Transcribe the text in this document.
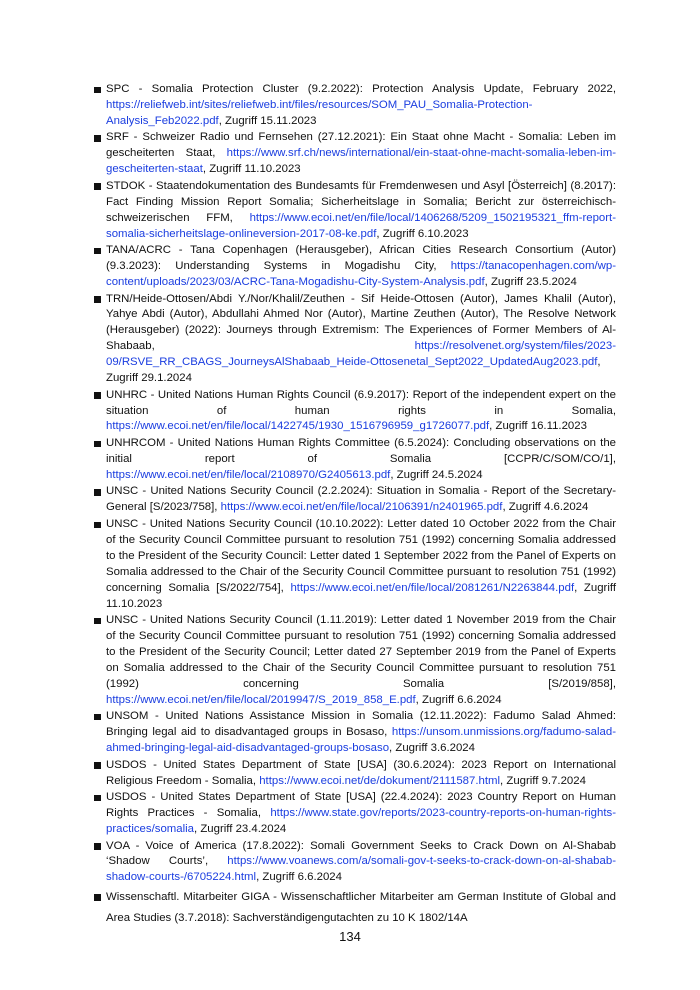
SPC - Somalia Protection Cluster (9.2.2022): Protection Analysis Update, February 2022, https://reliefweb.int/sites/reliefweb.int/files/resources/SOM_PAU_Somalia-Protection-Analysis_Feb2022.pdf, Zugriff 15.11.2023
SRF - Schweizer Radio und Fernsehen (27.12.2021): Ein Staat ohne Macht - Somalia: Leben im gescheiterten Staat, https://www.srf.ch/news/international/ein-staat-ohne-macht-somalia-leben-im-gescheiterten-staat, Zugriff 11.10.2023
STDOK - Staatendokumentation des Bundesamts für Fremdenwesen und Asyl [Österreich] (8.2017): Fact Finding Mission Report Somalia; Sicherheitslage in Somalia; Bericht zur österreichisch-schweizerischen FFM, https://www.ecoi.net/en/file/local/1406268/5209_1502195321_ffm-report-somalia-sicherheitslage-onlineversion-2017-08-ke.pdf, Zugriff 6.10.2023
TANA/ACRC - Tana Copenhagen (Herausgeber), African Cities Research Consortium (Autor) (9.3.2023): Understanding Systems in Mogadishu City, https://tanacopenhagen.com/wp-content/uploads/2023/03/ACRC-Tana-Mogadishu-City-System-Analysis.pdf, Zugriff 23.5.2024
TRN/Heide-Ottosen/Abdi Y./Nor/Khalil/Zeuthen - Sif Heide-Ottosen (Autor), James Khalil (Autor), Yahye Abdi (Autor), Abdullahi Ahmed Nor (Autor), Martine Zeuthen (Autor), The Resolve Network (Herausgeber) (2022): Journeys through Extremism: The Experiences of Former Members of Al-Shabaab, https://resolvenet.org/system/files/2023-09/RSVE_RR_CBAGS_JourneysAlShabaab_Heide-Ottosenetal_Sept2022_UpdatedAug2023.pdf, Zugriff 29.1.2024
UNHRC - United Nations Human Rights Council (6.9.2017): Report of the independent expert on the situation of human rights in Somalia, https://www.ecoi.net/en/file/local/1422745/1930_1516796959_g1726077.pdf, Zugriff 16.11.2023
UNHRCOM - United Nations Human Rights Committee (6.5.2024): Concluding observations on the initial report of Somalia [CCPR/C/SOM/CO/1], https://www.ecoi.net/en/file/local/2108970/G2405613.pdf, Zugriff 24.5.2024
UNSC - United Nations Security Council (2.2.2024): Situation in Somalia - Report of the Secretary-General [S/2023/758], https://www.ecoi.net/en/file/local/2106391/n2401965.pdf, Zugriff 4.6.2024
UNSC - United Nations Security Council (10.10.2022): Letter dated 10 October 2022 from the Chair of the Security Council Committee pursuant to resolution 751 (1992) concerning Somalia addressed to the President of the Security Council: Letter dated 1 September 2022 from the Panel of Experts on Somalia addressed to the Chair of the Security Council Committee pursuant to resolution 751 (1992) concerning Somalia [S/2022/754], https://www.ecoi.net/en/file/local/2081261/N2263844.pdf, Zugriff 11.10.2023
UNSC - United Nations Security Council (1.11.2019): Letter dated 1 November 2019 from the Chair of the Security Council Committee pursuant to resolution 751 (1992) concerning Somalia addressed to the President of the Security Council; Letter dated 27 September 2019 from the Panel of Experts on Somalia addressed to the Chair of the Security Council Committee pursuant to resolution 751 (1992) concerning Somalia [S/2019/858], https://www.ecoi.net/en/file/local/2019947/S_2019_858_E.pdf, Zugriff 6.6.2024
UNSOM - United Nations Assistance Mission in Somalia (12.11.2022): Fadumo Salad Ahmed: Bringing legal aid to disadvantaged groups in Bosaso, https://unsom.unmissions.org/fadumo-salad-ahmed-bringing-legal-aid-disadvantaged-groups-bosaso, Zugriff 3.6.2024
USDOS - United States Department of State [USA] (30.6.2024): 2023 Report on International Religious Freedom - Somalia, https://www.ecoi.net/de/dokument/2111587.html, Zugriff 9.7.2024
USDOS - United States Department of State [USA] (22.4.2024): 2023 Country Report on Human Rights Practices - Somalia, https://www.state.gov/reports/2023-country-reports-on-human-rights-practices/somalia, Zugriff 23.4.2024
VOA - Voice of America (17.8.2022): Somali Government Seeks to Crack Down on Al-Shabab ‘Shadow Courts’, https://www.voanews.com/a/somali-gov-t-seeks-to-crack-down-on-al-shabab-shadow-courts-/6705224.html, Zugriff 6.6.2024
Wissenschaftl. Mitarbeiter GIGA - Wissenschaftlicher Mitarbeiter am German Institute of Global and Area Studies (3.7.2018): Sachverständigengutachten zu 10 K 1802/14A
134
